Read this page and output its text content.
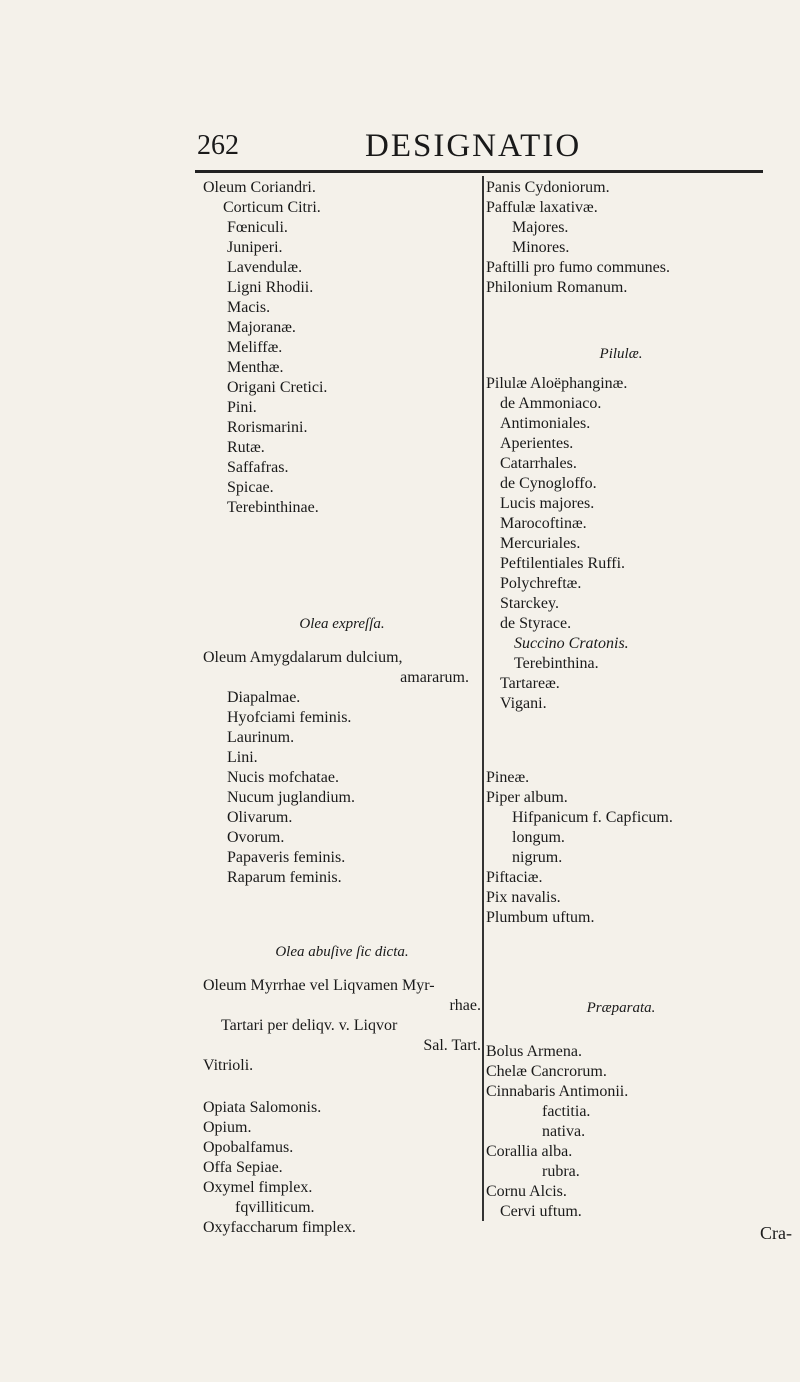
262	DESIGNATIO
Oleum Coriandri.
Corticum Citri.
Fœniculi.
Juniperi.
Lavendulæ.
Ligni Rhodii.
Macis.
Majoranæ.
Meliffæ.
Menthæ.
Origani Cretici.
Pini.
Rorismarini.
Rutæ.
Saffafras.
Spicae.
Terebinthinae.
Olea expreſſa.
Oleum Amygdalarum dulcium,
amararum.
Diapalmae.
Hyofciami feminis.
Laurinum.
Lini.
Nucis mofchatae.
Nucum juglandium.
Olivarum.
Ovorum.
Papaveris feminis.
Raparum feminis.
Olea abuſive ſic dicta.
Oleum Myrrhae vel Liqvamen Myr-
rhae.
Tartari per deliqv. v. Liqvor
Sal. Tart.
Vitrioli.
Opiata Salomonis.
Opium.
Opobalfamus.
Offa Sepiae.
Oxymel fimplex.
fqvilliticum.
Oxyfaccharum fimplex.
Panis Cydoniorum.
Paffulæ laxativæ.
Majores.
Minores.
Paftilli pro fumo communes.
Philonium Romanum.
Pilulæ.
Pilulæ Aloëphanginæ.
de Ammoniaco.
Antimoniales.
Aperientes.
Catarrhales.
de Cynogloffo.
Lucis majores.
Marocoftinæ.
Mercuriales.
Peftilentiales Ruffi.
Polychreftæ.
Starckey.
de Styrace.
Succino Cratonis.
Terebinthina.
Tartareæ.
Vigani.
Pineæ.
Piper album.
Hifpanicum f. Capficum.
longum.
nigrum.
Piftaciæ.
Pix navalis.
Plumbum uftum.
Præparata.
Bolus Armena.
Chelæ Cancrorum.
Cinnabaris Antimonii.
factitia.
nativa.
Corallia alba.
rubra.
Cornu Alcis.
Cervi uftum.
Cra-
